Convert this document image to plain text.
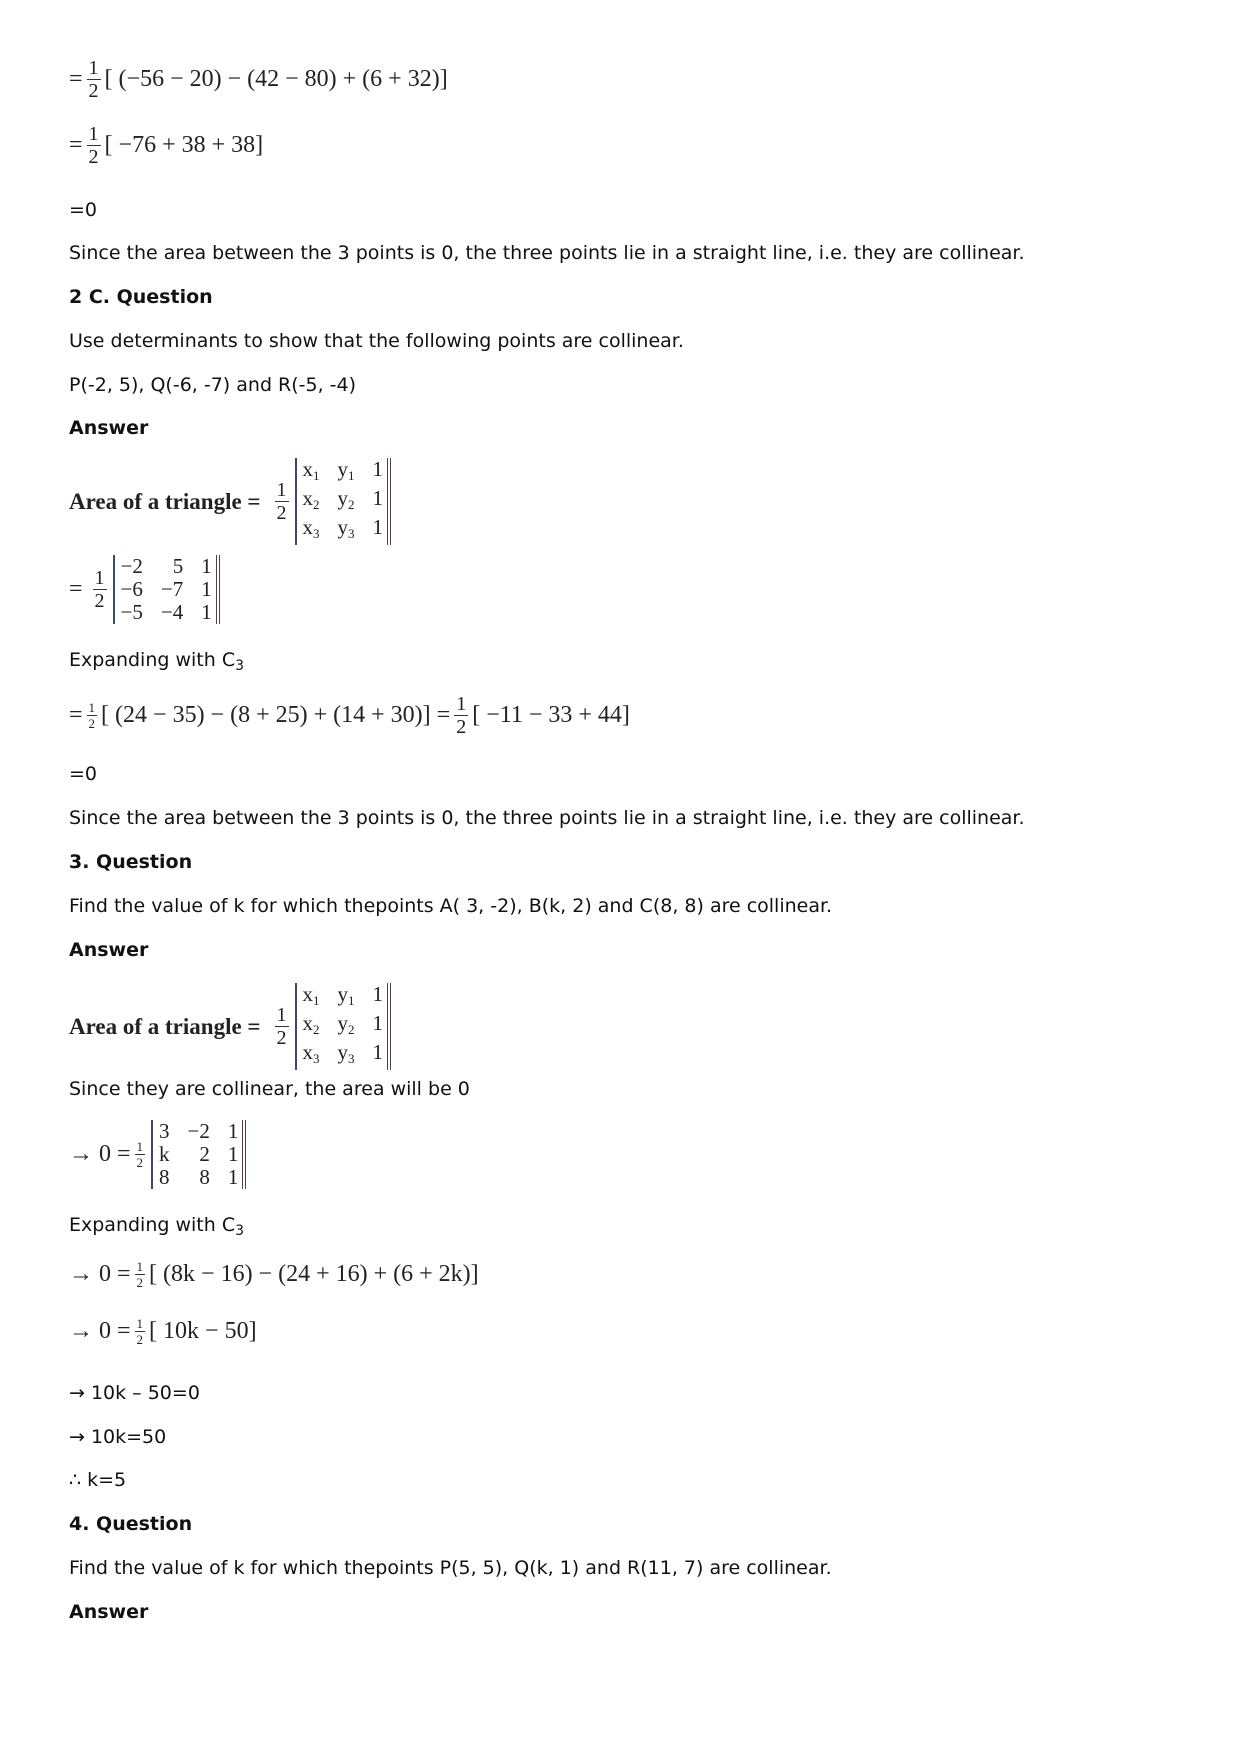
= $\frac{1}{2}$ [ (−56 − 20) − (42 − 80) + (6 + 32)]
= $\frac{1}{2}$ [ −76 + 38 + 38]
=0
Since the area between the 3 points is 0, the three points lie in a straight line, i.e. they are collinear.
2 C. Question
Use determinants to show that the following points are collinear.
P(-2, 5), Q(-6, -7) and R(-5, -4)
Answer
Area of a triangle = $\frac{1}{2}$
$x_1$ $y_1$ 1
$x_2$ $y_2$ 1
$x_3$ $y_3$ 1
= $\frac{1}{2}$
−2	5 1
−6 −7 1
−5 −4 1
Expanding with $C_3$
= $\frac{1}{2}$ [ $(24 - 35) - (8 + 25) + (14 + 30)] = \frac{1}{2}$ [ −11 − 33 + 44]
=0
Since the area between the 3 points is 0, the three points lie in a straight line, i.e. they are collinear.
3. Question
Find the value of k for which thepoints A( 3, -2), B(k, 2) and C(8, 8) are collinear.
Answer
Area of a triangle = $\frac{1}{2}$
$x_1$ $y_1$ 1
$x_2$ $y_2$ 1
$x_3$ $y_3$ 1
Since they are collinear, the area will be 0
→ $0 = \frac{1}{2}$
3 −2 1
k	2 1
8	8 1
Expanding with $C_3$
→ $0 = \frac{1}{2}$ [ (8k − 16) − (24 + 16) + (6 + 2k)]
→ $0 = \frac{1}{2}$ [ 10k − 50]
→ 10k – 50=0
→ 10k=50
∴ k=5
4. Question
Find the value of k for which thepoints P(5, 5), Q(k, 1) and R(11, 7) are collinear.
Answer
